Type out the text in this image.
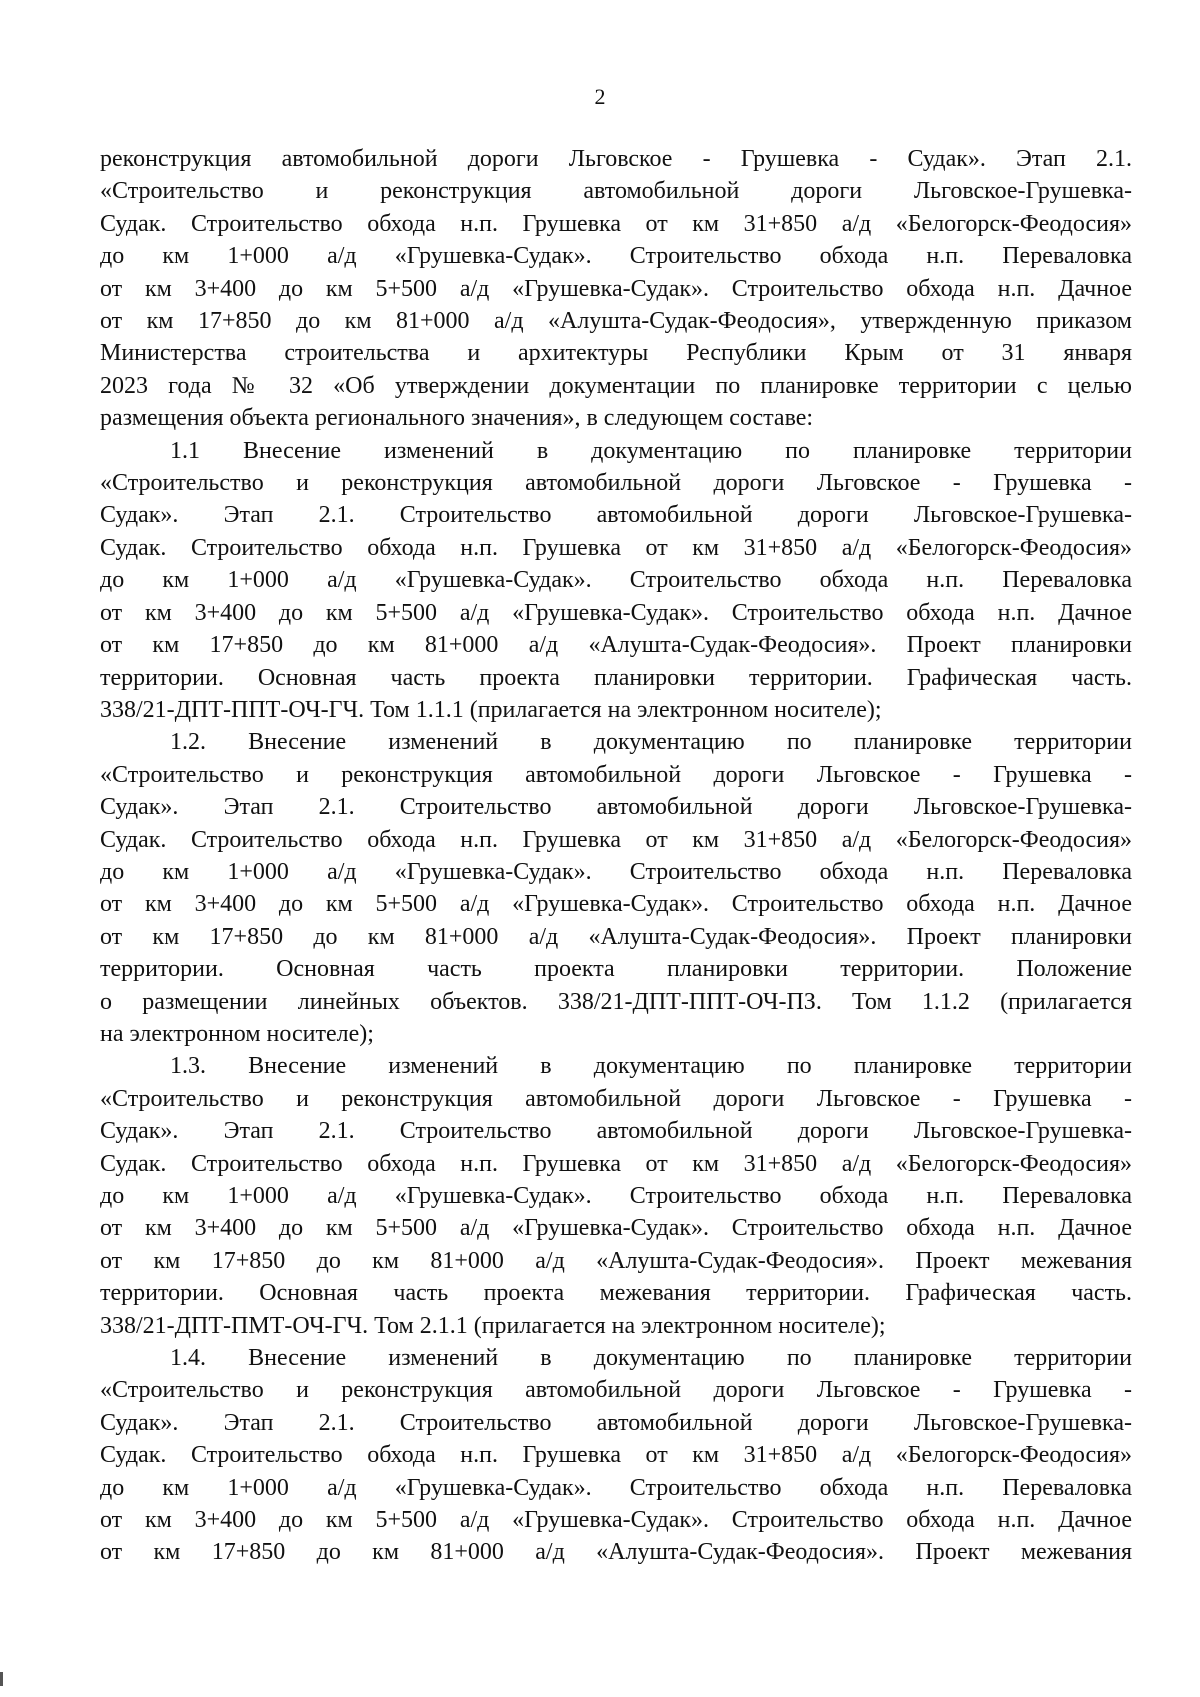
2
реконструкция автомобильной дороги Льговское - Грушевка - Судак». Этап 2.1.
«Строительство и реконструкция автомобильной дороги Льговское-Грушевка-
Судак. Строительство обхода н.п. Грушевка от км 31+850 а/д «Белогорск-Феодосия»
до км 1+000 а/д «Грушевка-Судак». Строительство обхода н.п. Переваловка
от км 3+400 до км 5+500 а/д «Грушевка-Судак». Строительство обхода н.п. Дачное
от км 17+850 до км 81+000 а/д «Алушта-Судак-Феодосия», утвержденную приказом
Министерства строительства и архитектуры Республики Крым от 31 января
2023 года № 32 «Об утверждении документации по планировке территории с целью
размещения объекта регионального значения», в следующем составе:
1.1 Внесение изменений в документацию по планировке территории
«Строительство и реконструкция автомобильной дороги Льговское - Грушевка -
Судак». Этап 2.1. Строительство автомобильной дороги Льговское-Грушевка-
Судак. Строительство обхода н.п. Грушевка от км 31+850 а/д «Белогорск-Феодосия»
до км 1+000 а/д «Грушевка-Судак». Строительство обхода н.п. Переваловка
от км 3+400 до км 5+500 а/д «Грушевка-Судак». Строительство обхода н.п. Дачное
от км 17+850 до км 81+000 а/д «Алушта-Судак-Феодосия». Проект планировки
территории. Основная часть проекта планировки территории. Графическая часть.
338/21-ДПТ-ППТ-ОЧ-ГЧ. Том 1.1.1 (прилагается на электронном носителе);
1.2. Внесение изменений в документацию по планировке территории
«Строительство и реконструкция автомобильной дороги Льговское - Грушевка -
Судак». Этап 2.1. Строительство автомобильной дороги Льговское-Грушевка-
Судак. Строительство обхода н.п. Грушевка от км 31+850 а/д «Белогорск-Феодосия»
до км 1+000 а/д «Грушевка-Судак». Строительство обхода н.п. Переваловка
от км 3+400 до км 5+500 а/д «Грушевка-Судак». Строительство обхода н.п. Дачное
от км 17+850 до км 81+000 а/д «Алушта-Судак-Феодосия». Проект планировки
территории. Основная часть проекта планировки территории. Положение
о размещении линейных объектов. 338/21-ДПТ-ППТ-ОЧ-ПЗ. Том 1.1.2 (прилагается
на электронном носителе);
1.3. Внесение изменений в документацию по планировке территории
«Строительство и реконструкция автомобильной дороги Льговское - Грушевка -
Судак». Этап 2.1. Строительство автомобильной дороги Льговское-Грушевка-
Судак. Строительство обхода н.п. Грушевка от км 31+850 а/д «Белогорск-Феодосия»
до км 1+000 а/д «Грушевка-Судак». Строительство обхода н.п. Переваловка
от км 3+400 до км 5+500 а/д «Грушевка-Судак». Строительство обхода н.п. Дачное
от км 17+850 до км 81+000 а/д «Алушта-Судак-Феодосия». Проект межевания
территории. Основная часть проекта межевания территории. Графическая часть.
338/21-ДПТ-ПМТ-ОЧ-ГЧ. Том 2.1.1 (прилагается на электронном носителе);
1.4. Внесение изменений в документацию по планировке территории
«Строительство и реконструкция автомобильной дороги Льговское - Грушевка -
Судак». Этап 2.1. Строительство автомобильной дороги Льговское-Грушевка-
Судак. Строительство обхода н.п. Грушевка от км 31+850 а/д «Белогорск-Феодосия»
до км 1+000 а/д «Грушевка-Судак». Строительство обхода н.п. Переваловка
от км 3+400 до км 5+500 а/д «Грушевка-Судак». Строительство обхода н.п. Дачное
от км 17+850 до км 81+000 а/д «Алушта-Судак-Феодосия». Проект межевания
